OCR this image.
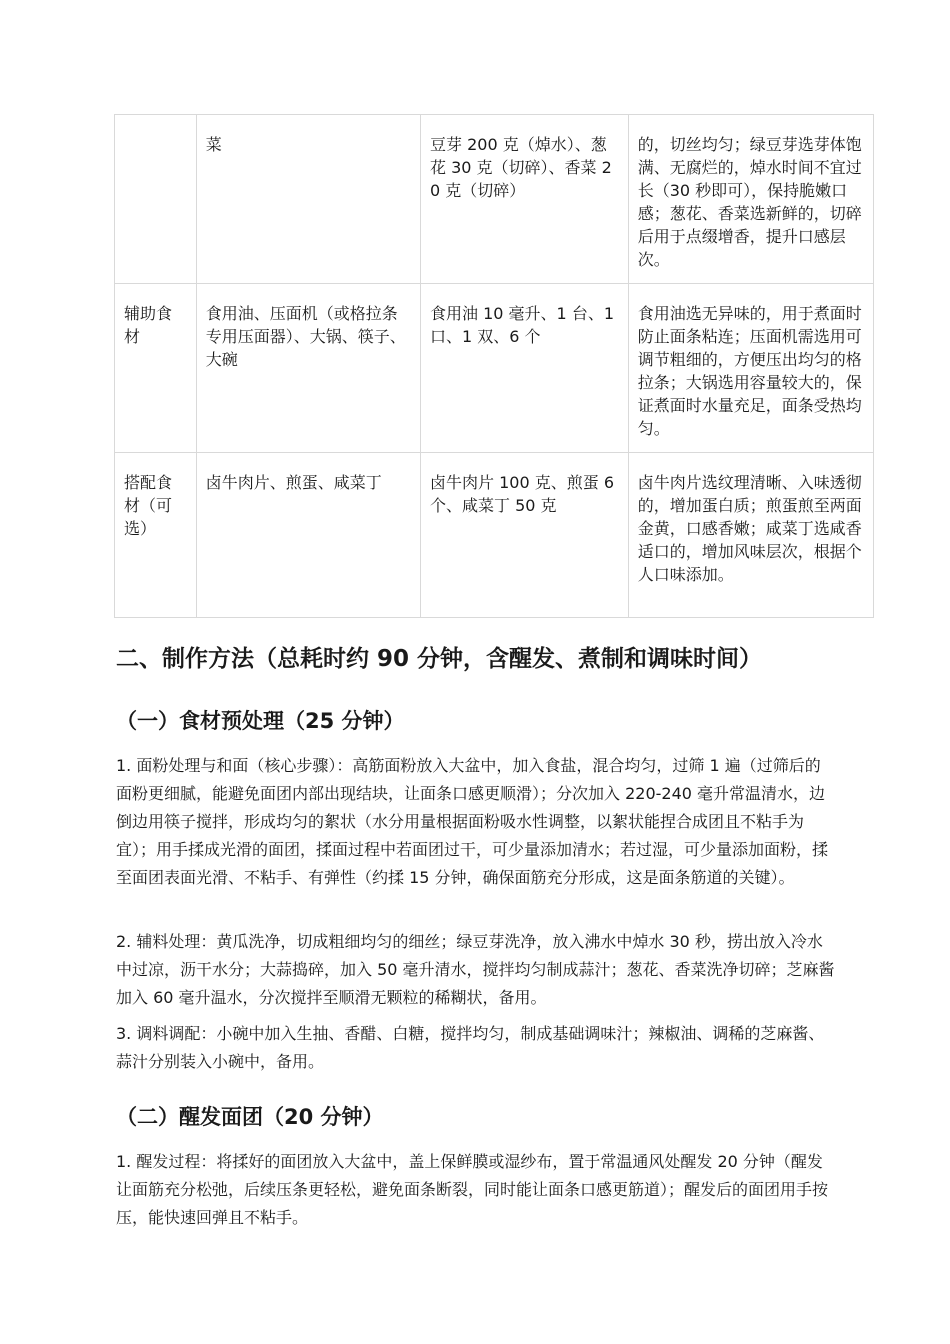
	菜	豆芽 200 克（焯水）、葱花 30 克（切碎）、香菜 20 克（切碎）	的，切丝均匀；绿豆芽选芽体饱满、无腐烂的，焯水时间不宜过长（30 秒即可），保持脆嫩口感；葱花、香菜选新鲜的，切碎后用于点缀增香，提升口感层次。
辅助食材	食用油、压面机（或格拉条专用压面器）、大锅、筷子、大碗	食用油 10 毫升、1 台、1 口、1 双、6 个	食用油选无异味的，用于煮面时防止面条粘连；压面机需选用可调节粗细的，方便压出均匀的格拉条；大锅选用容量较大的，保证煮面时水量充足，面条受热均匀。
搭配食材（可选）	卤牛肉片、煎蛋、咸菜丁	卤牛肉片 100 克、煎蛋 6 个、咸菜丁 50 克	卤牛肉片选纹理清晰、入味透彻的，增加蛋白质；煎蛋煎至两面金黄，口感香嫩；咸菜丁选咸香适口的，增加风味层次，根据个人口味添加。
二、制作方法（总耗时约 90 分钟，含醒发、煮制和调味时间）
（一）食材预处理（25 分钟）

1. 面粉处理与和面（核心步骤）：高筋面粉放入大盆中，加入食盐，混合均匀，过筛 1 遍（过筛后的面粉更细腻，能避免面团内部出现结块，让面条口感更顺滑）；分次加入 220-240 毫升常温清水，边倒边用筷子搅拌，形成均匀的絮状（水分用量根据面粉吸水性调整，以絮状能捏合成团且不粘手为宜）；用手揉成光滑的面团，揉面过程中若面团过干，可少量添加清水；若过湿，可少量添加面粉，揉至面团表面光滑、不粘手、有弹性（约揉 15 分钟，确保面筋充分形成，这是面条筋道的关键）。

2. 辅料处理：黄瓜洗净，切成粗细均匀的细丝；绿豆芽洗净，放入沸水中焯水 30 秒，捞出放入冷水中过凉，沥干水分；大蒜捣碎，加入 50 毫升清水，搅拌均匀制成蒜汁；葱花、香菜洗净切碎；芝麻酱加入 60 毫升温水，分次搅拌至顺滑无颗粒的稀糊状，备用。

3. 调料调配：小碗中加入生抽、香醋、白糖，搅拌均匀，制成基础调味汁；辣椒油、调稀的芝麻酱、蒜汁分别装入小碗中，备用。

（二）醒发面团（20 分钟）

1. 醒发过程：将揉好的面团放入大盆中，盖上保鲜膜或湿纱布，置于常温通风处醒发 20 分钟（醒发让面筋充分松弛，后续压条更轻松，避免面条断裂，同时能让面条口感更筋道）；醒发后的面团用手按压，能快速回弹且不粘手。
